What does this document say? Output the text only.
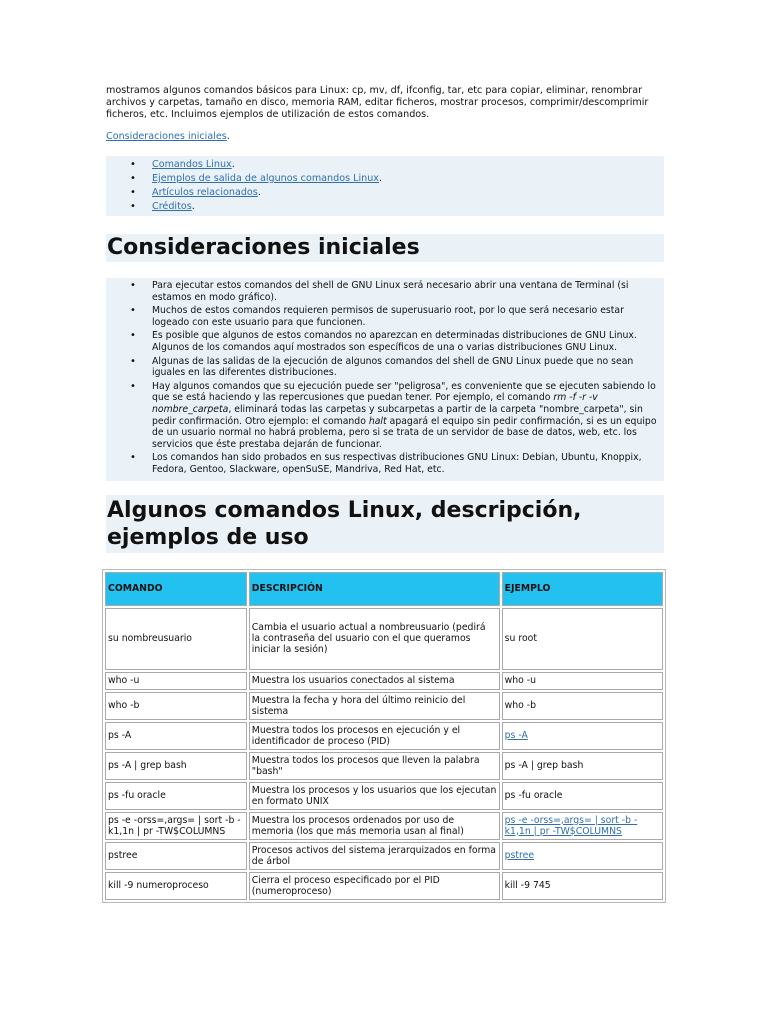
mostramos algunos comandos básicos para Linux: cp, mv, df, ifconfig, tar, etc para copiar, eliminar, renombrar archivos y carpetas, tamaño en disco, memoria RAM, editar ficheros, mostrar procesos, comprimir/descomprimir ficheros, etc. Incluimos ejemplos de utilización de estos comandos.

Consideraciones iniciales.

• Comandos Linux.
• Ejemplos de salida de algunos comandos Linux.
• Artículos relacionados.
• Créditos.
Consideraciones iniciales
• Para ejecutar estos comandos del shell de GNU Linux será necesario abrir una ventana de Terminal (si estamos en modo gráfico).
• Muchos de estos comandos requieren permisos de superusuario root, por lo que será necesario estar logeado con este usuario para que funcionen.
• Es posible que algunos de estos comandos no aparezcan en determinadas distribuciones de GNU Linux. Algunos de los comandos aquí mostrados son específicos de una o varias distribuciones GNU Linux.
• Algunas de las salidas de la ejecución de algunos comandos del shell de GNU Linux puede que no sean iguales en las diferentes distribuciones.
• Hay algunos comandos que su ejecución puede ser "peligrosa", es conveniente que se ejecuten sabiendo lo que se está haciendo y las repercusiones que puedan tener. Por ejemplo, el comando rm -f -r -v nombre_carpeta, eliminará todas las carpetas y subcarpetas a partir de la carpeta "nombre_carpeta", sin pedir confirmación. Otro ejemplo: el comando halt apagará el equipo sin pedir confirmación, si es un equipo de un usuario normal no habrá problema, pero si se trata de un servidor de base de datos, web, etc. los servicios que éste prestaba dejarán de funcionar.
• Los comandos han sido probados en sus respectivas distribuciones GNU Linux: Debian, Ubuntu, Knoppix, Fedora, Gentoo, Slackware, openSuSE, Mandriva, Red Hat, etc.
Algunos comandos Linux, descripción, ejemplos de uso
COMANDO	DESCRIPCIÓN	EJEMPLO
su nombreusuario	Cambia el usuario actual a nombreusuario (pedirá la contraseña del usuario con el que queramos iniciar la sesión)	su root
who -u	Muestra los usuarios conectados al sistema	who -u
who -b	Muestra la fecha y hora del último reinicio del sistema	who -b
ps -A	Muestra todos los procesos en ejecución y el identificador de proceso (PID)	ps -A
ps -A | grep bash	Muestra todos los procesos que lleven la palabra "bash"	ps -A | grep bash
ps -fu oracle	Muestra los procesos y los usuarios que los ejecutan en formato UNIX	ps -fu oracle
ps -e -orss=,args= | sort -b -k1,1n | pr -TW$COLUMNS	Muestra los procesos ordenados por uso de memoria (los que más memoria usan al final)	ps -e -orss=,args= | sort -b -k1,1n | pr -TW$COLUMNS
pstree	Procesos activos del sistema jerarquizados en forma de árbol	pstree
kill -9 numeroproceso	Cierra el proceso especificado por el PID (numeroproceso)	kill -9 745
